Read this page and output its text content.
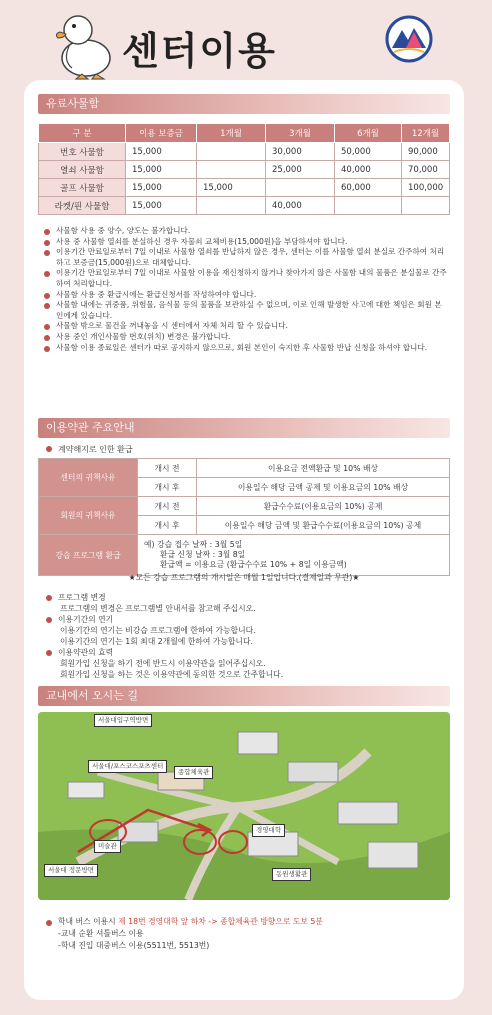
센터이용
유료사물함
구 분	이용 보증금	1개월	3개월	6개월	12개월
번호 사물함	15,000		30,000	50,000	90,000
열쇠 사물함	15,000		25,000	40,000	70,000
골프 사물함	15,000	15,000		60,000	100,000
라켓/핀 사물함	15,000		40,000		
사물함 사용 중 양수, 양도는 불가합니다.
사용 중 사물함 열쇠를 분실하신 경우 자물쇠 교체비용(15,000원)을 부담하셔야 합니다.
이용기간 만료일로부터 7일 이내로 사물함 열쇠를 반납하지 않은 경우, 센터는 이를 사물함 열쇠 분실로 간주하여 처리하고 보증금(15,000원)으로 대체합니다.
이용기간 만료일로부터 7일 이내로 사물함 이용을 재신청하지 않거나 찾아가지 않은 사물함 내의 물품은 분실물로 간주하여 처리합니다.
사물함 사용 중 환급시에는 환급신청서를 작성하여야 합니다.
사물함 내에는 귀중품, 위험물, 음식물 등의 물품을 보관하실 수 없으며, 이로 인해 발생한 사고에 대한 책임은 회원 본인에게 있습니다.
사물함 밖으로 물건을 꺼내놓을 시 센터에서 자체 처리 할 수 있습니다.
사용 중인 개인사물함 번호(위치) 변경은 불가합니다.
사물함 이용 종료일은 센터가 따로 공지하지 않으므로, 회원 본인이 숙지한 후 사물함 반납 신청을 하셔야 합니다.
이용약관 주요안내
계약해지로 인한 환급
센터의 귀책사유	개시 전	이용요금 전액환급 및 10% 배상
	개시 후	이용일수 해당 금액 공제 및 이용요금의 10% 배상
회원의 귀책사유	개시 전	환급수수료(이용요금의 10%) 공제
	개시 후	이용일수 해당 금액 및 환급수수료(이용요금의 10%) 공제
강습 프로그램 환급	예) 강습 접수 날짜 : 3월 5일
환급 신청 날짜 : 3월 8일
환급액 = 이용요금 (환급수수료 10% + 8일 이용금액)	
★모든 강습 프로그램의 개시일은 매월 1일입니다.(결제일과 무관)★
프로그램 변경
프로그램의 변경은 프로그램별 안내서를 참고해 주십시오.
이용기간의 연기
이용기간의 연기는 비강습 프로그램에 한하여 가능합니다.
이용기간의 연기는 1회 최대 2개월에 한하여 가능합니다.
이용약관의 효력
회원가입 신청을 하기 전에 반드시 이용약관을 읽어주십시오.
회원가입 신청을 하는 것은 이용약관에 동의한 것으로 간주합니다.
교내에서 오시는 길
서울대입구역방면
서울대/포스코스포츠센터
종합체육관
경영대학
미술관
서울대 정문방면	동원생활관
학내 버스 이용시 제 18번 경영대학 앞 하차 -> 종합체육관 방향으로 도보 5분
-교내 순환 셔틀버스 이용
-학내 진입 대중버스 이용(5511번, 5513번)
